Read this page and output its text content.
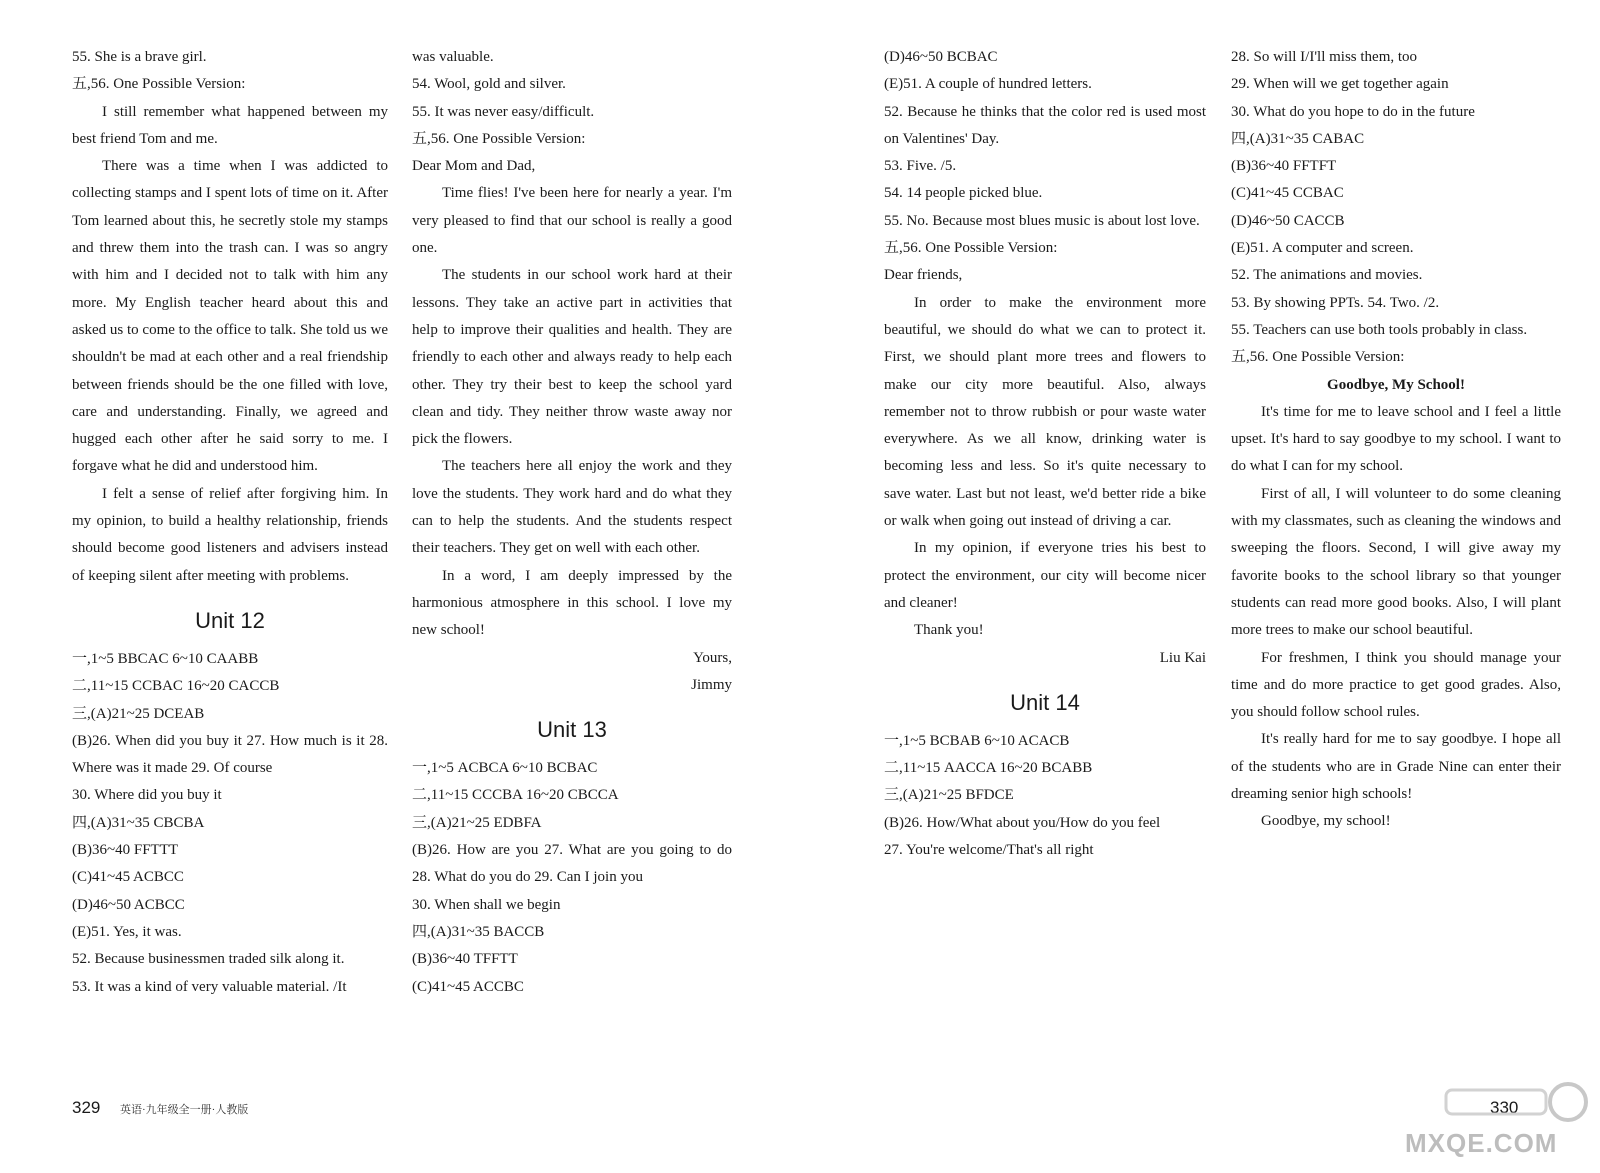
55. She is a brave girl.

五,56. One Possible Version:

I still remember what happened between my best friend Tom and me.

There was a time when I was addicted to collecting stamps and I spent lots of time on it. After Tom learned about this, he secretly stole my stamps and threw them into the trash can. I was so angry with him and I decided not to talk with him any more. My English teacher heard about this and asked us to come to the office to talk. She told us we shouldn't be mad at each other and a real friendship between friends should be the one filled with love, care and understanding. Finally, we agreed and hugged each other after he said sorry to me. I forgave what he did and understood him.

I felt a sense of relief after forgiving him. In my opinion, to build a healthy relationship, friends should become good listeners and advisers instead of keeping silent after meeting with problems.

Unit 12

一,1~5 BBCAC 6~10 CAABB

二,11~15 CCBAC 16~20 CACCB

三,(A)21~25 DCEAB

(B)26. When did you buy it 27. How much is it 28. Where was it made 29. Of course

30. Where did you buy it

四,(A)31~35 CBCBA

(B)36~40 FFTTT

(C)41~45 ACBCC

(D)46~50 ACBCC

(E)51. Yes, it was.

52. Because businessmen traded silk along it.

53. It was a kind of very valuable material. /It

was valuable.

54. Wool, gold and silver.

55. It was never easy/difficult.

五,56. One Possible Version:

Dear Mom and Dad,

Time flies! I've been here for nearly a year. I'm very pleased to find that our school is really a good one.

The students in our school work hard at their lessons. They take an active part in activities that help to improve their qualities and health. They are friendly to each other and always ready to help each other. They try their best to keep the school yard clean and tidy. They neither throw waste away nor pick the flowers.

The teachers here all enjoy the work and they love the students. They work hard and do what they can to help the students. And the students respect their teachers. They get on well with each other.

In a word, I am deeply impressed by the harmonious atmosphere in this school. I love my new school!

Yours,

Jimmy

Unit 13

一,1~5 ACBCA 6~10 BCBAC

二,11~15 CCCBA 16~20 CBCCA

三,(A)21~25 EDBFA

(B)26. How are you 27. What are you going to do 28. What do you do 29. Can I join you

30. When shall we begin

四,(A)31~35 BACCB

(B)36~40 TFFTT

(C)41~45 ACCBC

(D)46~50 BCBAC

(E)51. A couple of hundred letters.

52. Because he thinks that the color red is used most on Valentines' Day.

53. Five. /5.

54. 14 people picked blue.

55. No. Because most blues music is about lost love.

五,56. One Possible Version:

Dear friends,

In order to make the environment more beautiful, we should do what we can to protect it. First, we should plant more trees and flowers to make our city more beautiful. Also, always remember not to throw rubbish or pour waste water everywhere. As we all know, drinking water is becoming less and less. So it's quite necessary to save water. Last but not least, we'd better ride a bike or walk when going out instead of driving a car.

In my opinion, if everyone tries his best to protect the environment, our city will become nicer and cleaner!

Thank you!

Liu Kai

Unit 14

一,1~5 BCBAB 6~10 ACACB

二,11~15 AACCA 16~20 BCABB

三,(A)21~25 BFDCE

(B)26. How/What about you/How do you feel

27. You're welcome/That's all right

28. So will I/I'll miss them, too

29. When will we get together again

30. What do you hope to do in the future

四,(A)31~35 CABAC

(B)36~40 FFTFT

(C)41~45 CCBAC

(D)46~50 CACCB

(E)51. A computer and screen.

52. The animations and movies.

53. By showing PPTs. 54. Two. /2.

55. Teachers can use both tools probably in class.

五,56. One Possible Version:

Goodbye, My School!

It's time for me to leave school and I feel a little upset. It's hard to say goodbye to my school. I want to do what I can for my school.

First of all, I will volunteer to do some cleaning with my classmates, such as cleaning the windows and sweeping the floors. Second, I will give away my favorite books to the school library so that younger students can read more good books. Also, I will plant more trees to make our school beautiful.

For freshmen, I think you should manage your time and do more practice to get good grades. Also, you should follow school rules.

It's really hard for me to say goodbye. I hope all of the students who are in Grade Nine can enter their dreaming senior high schools!

Goodbye, my school!

329 英语·九年级全一册·人教版	330
MXQE.COM
